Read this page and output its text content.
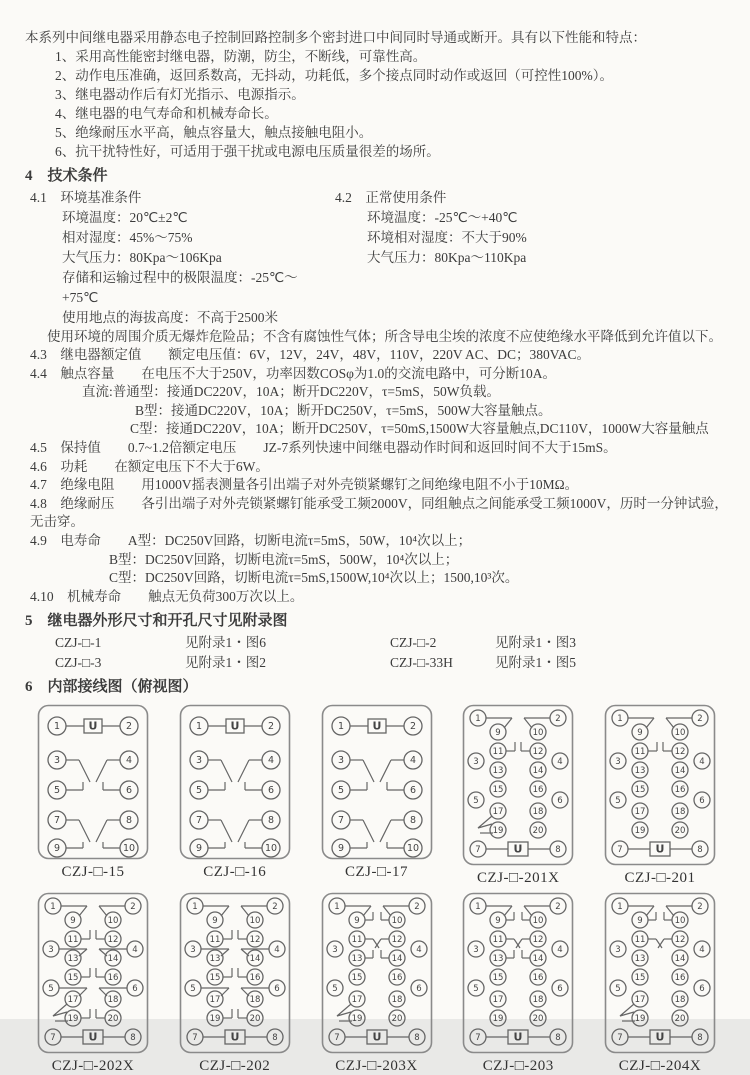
本系列中间继电器采用静态电子控制回路控制多个密封进口中间同时导通或断开。具有以下性能和特点：
1、采用高性能密封继电器，防潮，防尘，不断线，可靠性高。
2、动作电压准确，返回系数高，无抖动，功耗低，多个接点同时动作或返回（可控性100%）。
3、继电器动作后有灯光指示、电源指示。
4、继电器的电气寿命和机械寿命长。
5、绝缘耐压水平高，触点容量大，触点接触电阻小。
6、抗干扰特性好，可适用于强干扰或电源电压质量很差的场所。
4　技术条件
4.1　环境基准条件
环境温度：20℃±2℃
相对湿度：45%～75%
大气压力：80Kpa～106Kpa
存储和运输过程中的极限温度：-25℃～+75℃
使用地点的海拔高度：不高于2500米
4.2　正常使用条件
环境温度：-25℃～+40℃
环境相对湿度：不大于90%
大气压力：80Kpa～110Kpa
使用环境的周围介质无爆炸危险品；不含有腐蚀性气体；所含导电尘埃的浓度不应使绝缘水平降低到允许值以下。
4.3　继电器额定值　　额定电压值：6V，12V，24V，48V，110V，220V AC、DC；380VAC。
4.4　触点容量　　在电压不大于250V，功率因数COSφ为1.0的交流电路中，可分断10A。
直流:普通型：接通DC220V，10A；断开DC220V，τ=5mS，50W负载。
B型：接通DC220V，10A；断开DC250V，τ=5mS，500W大容量触点。
C型：接通DC220V，10A；断开DC250V，τ=50mS,1500W大容量触点,DC110V，1000W大容量触点
4.5　保持值　　0.7~1.2倍额定电压　　JZ-7系列快速中间继电器动作时间和返回时间不大于15mS。
4.6　功耗　　在额定电压下不大于6W。
4.7　绝缘电阻　　用1000V摇表测量各引出端子对外壳锁紧螺钉之间绝缘电阻不小于10MΩ。
4.8　绝缘耐压　　各引出端子对外壳锁紧螺钉能承受工频2000V，同组触点之间能承受工频1000V，历时一分钟试验，
无击穿。
4.9　电寿命　　A型：DC250V回路，切断电流τ=5mS，50W，10⁴次以上；
B型：DC250V回路，切断电流τ=5mS，500W，10⁴次以上；
C型：DC250V回路，切断电流τ=5mS,1500W,10⁴次以上；1500,10³次。
4.10　机械寿命　　触点无负荷300万次以上。
5　继电器外形尺寸和开孔尺寸见附录图
CZJ-□-1	见附录1・图6	CZJ-□-2	见附录1・图3
CZJ-□-3	见附录1・图2	CZJ-□-33H	见附录1・图5
6　内部接线图（俯视图）
U
1	2
3	4
5	6
7	8
9	10
CZJ-□-15
U
1	2
3	4
5	6
7	8
9	10
CZJ-□-16
U
1	2
3	4
5	6
7	8
9	10
CZJ-□-17
U
1	2
9	10
11	12
3	4
13	14
15	16
5	6
17	18
19	20
7	8
CZJ-□-201X
U
1	2
9	10
11	12
3	4
13	14
15	16
5	6
17	18
19	20
7	8
CZJ-□-201
U
1	2
9	10
11	12
3	4
13	14
15	16
5	6
17	18
19	20
7	8
CZJ-□-202X
U
1	2
9	10
11	12
3	4
13	14
15	16
5	6
17	18
19	20
7	8
CZJ-□-202
U
1	2
9	10
11	12
3	4
13	14
15	16
5	6
17	18
19	20
7	8
CZJ-□-203X
U
1	2
9	10
11	12
3	4
13	14
15	16
5	6
17	18
19	20
7	8
CZJ-□-203
U
1	2
9	10
11	12
3	4
13	14
15	16
5	6
17	18
19	20
7	8
CZJ-□-204X
